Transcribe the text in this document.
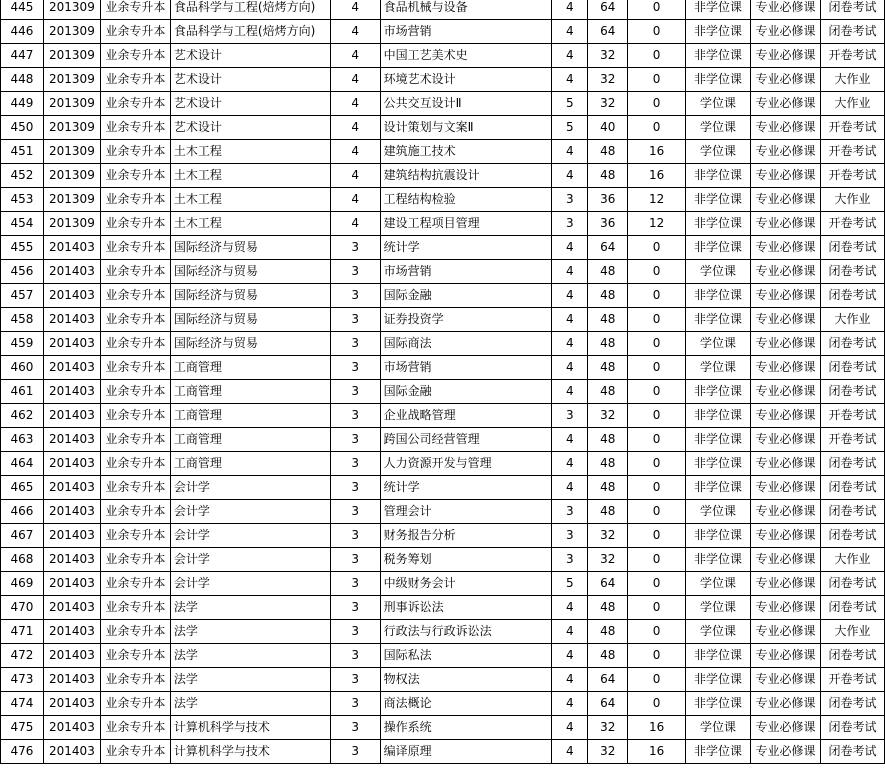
445	201309	业余专升本	食品科学与工程(焙烤方向)	4	食品机械与设备	4	64	0	非学位课	专业必修课	闭卷考试
446	201309	业余专升本	食品科学与工程(焙烤方向)	4	市场营销	4	64	0	非学位课	专业必修课	闭卷考试
447	201309	业余专升本	艺术设计	4	中国工艺美术史	4	32	0	非学位课	专业必修课	开卷考试
448	201309	业余专升本	艺术设计	4	环境艺术设计	4	32	0	非学位课	专业必修课	大作业
449	201309	业余专升本	艺术设计	4	公共交互设计Ⅱ	5	32	0	学位课	专业必修课	大作业
450	201309	业余专升本	艺术设计	4	设计策划与文案Ⅱ	5	40	0	学位课	专业必修课	开卷考试
451	201309	业余专升本	土木工程	4	建筑施工技术	4	48	16	学位课	专业必修课	开卷考试
452	201309	业余专升本	土木工程	4	建筑结构抗震设计	4	48	16	非学位课	专业必修课	开卷考试
453	201309	业余专升本	土木工程	4	工程结构检验	3	36	12	非学位课	专业必修课	大作业
454	201309	业余专升本	土木工程	4	建设工程项目管理	3	36	12	非学位课	专业必修课	开卷考试
455	201403	业余专升本	国际经济与贸易	3	统计学	4	64	0	非学位课	专业必修课	闭卷考试
456	201403	业余专升本	国际经济与贸易	3	市场营销	4	48	0	学位课	专业必修课	闭卷考试
457	201403	业余专升本	国际经济与贸易	3	国际金融	4	48	0	非学位课	专业必修课	闭卷考试
458	201403	业余专升本	国际经济与贸易	3	证券投资学	4	48	0	非学位课	专业必修课	大作业
459	201403	业余专升本	国际经济与贸易	3	国际商法	4	48	0	学位课	专业必修课	闭卷考试
460	201403	业余专升本	工商管理	3	市场营销	4	48	0	学位课	专业必修课	闭卷考试
461	201403	业余专升本	工商管理	3	国际金融	4	48	0	非学位课	专业必修课	闭卷考试
462	201403	业余专升本	工商管理	3	企业战略管理	3	32	0	非学位课	专业必修课	开卷考试
463	201403	业余专升本	工商管理	3	跨国公司经营管理	4	48	0	非学位课	专业必修课	开卷考试
464	201403	业余专升本	工商管理	3	人力资源开发与管理	4	48	0	非学位课	专业必修课	闭卷考试
465	201403	业余专升本	会计学	3	统计学	4	48	0	非学位课	专业必修课	闭卷考试
466	201403	业余专升本	会计学	3	管理会计	3	48	0	学位课	专业必修课	闭卷考试
467	201403	业余专升本	会计学	3	财务报告分析	3	32	0	非学位课	专业必修课	闭卷考试
468	201403	业余专升本	会计学	3	税务筹划	3	32	0	非学位课	专业必修课	大作业
469	201403	业余专升本	会计学	3	中级财务会计	5	64	0	学位课	专业必修课	闭卷考试
470	201403	业余专升本	法学	3	刑事诉讼法	4	48	0	学位课	专业必修课	闭卷考试
471	201403	业余专升本	法学	3	行政法与行政诉讼法	4	48	0	学位课	专业必修课	大作业
472	201403	业余专升本	法学	3	国际私法	4	48	0	非学位课	专业必修课	闭卷考试
473	201403	业余专升本	法学	3	物权法	4	64	0	非学位课	专业必修课	开卷考试
474	201403	业余专升本	法学	3	商法概论	4	64	0	非学位课	专业必修课	闭卷考试
475	201403	业余专升本	计算机科学与技术	3	操作系统	4	32	16	学位课	专业必修课	闭卷考试
476	201403	业余专升本	计算机科学与技术	3	编译原理	4	32	16	非学位课	专业必修课	闭卷考试
